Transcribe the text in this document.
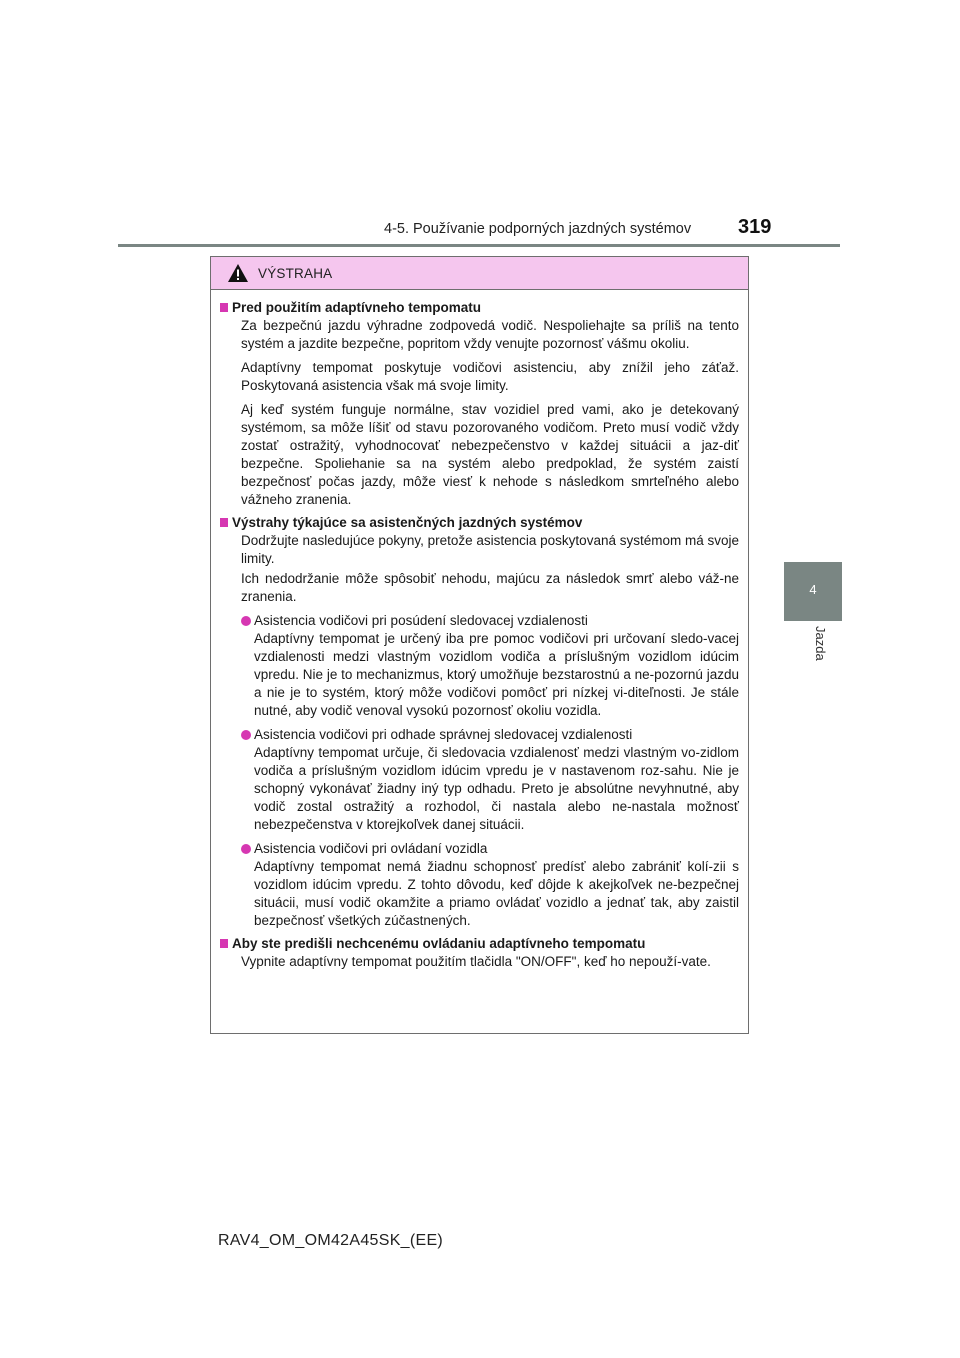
4-5. Používanie podporných jazdných systémov 319
4
Jazda
VÝSTRAHA
Pred použitím adaptívneho tempomatu

Za bezpečnú jazdu výhradne zodpovedá vodič. Nespoliehajte sa príliš na tento systém a jazdite bezpečne, popritom vždy venujte pozornosť vášmu okoliu.

Adaptívny tempomat poskytuje vodičovi asistenciu, aby znížil jeho záťaž. Poskytovaná asistencia však má svoje limity.

Aj keď systém funguje normálne, stav vozidiel pred vami, ako je detekovaný systémom, sa môže líšiť od stavu pozorovaného vodičom. Preto musí vodič vždy zostať ostražitý, vyhodnocovať nebezpečenstvo v každej situácii a jaz-diť bezpečne. Spoliehanie sa na systém alebo predpoklad, že systém zaistí bezpečnosť počas jazdy, môže viesť k nehode s následkom smrteľného alebo vážneho zranenia.

Výstrahy týkajúce sa asistenčných jazdných systémov

Dodržujte nasledujúce pokyny, pretože asistencia poskytovaná systémom má svoje limity.

Ich nedodržanie môže spôsobiť nehodu, majúcu za následok smrť alebo váž-ne zranenia.

Asistencia vodičovi pri posúdení sledovacej vzdialenosti
Adaptívny tempomat je určený iba pre pomoc vodičovi pri určovaní sledo-vacej vzdialenosti medzi vlastným vozidlom vodiča a príslušným vozidlom idúcim vpredu. Nie je to mechanizmus, ktorý umožňuje bezstarostnú a ne-pozornú jazdu a nie je to systém, ktorý môže vodičovi pomôcť pri nízkej vi-diteľnosti. Je stále nutné, aby vodič venoval vysokú pozornosť okoliu vozidla.
Asistencia vodičovi pri odhade správnej sledovacej vzdialenosti
Adaptívny tempomat určuje, či sledovacia vzdialenosť medzi vlastným vo-zidlom vodiča a príslušným vozidlom idúcim vpredu je v nastavenom roz-sahu. Nie je schopný vykonávať žiadny iný typ odhadu. Preto je absolútne nevyhnutné, aby vodič zostal ostražitý a rozhodol, či nastala alebo ne-nastala možnosť nebezpečenstva v ktorejkoľvek danej situácii.
Asistencia vodičovi pri ovládaní vozidla
Adaptívny tempomat nemá žiadnu schopnosť predísť alebo zabrániť kolí-zii s vozidlom idúcim vpredu. Z tohto dôvodu, keď dôjde k akejkoľvek ne-bezpečnej situácii, musí vodič okamžite a priamo ovládať vozidlo a jednať tak, aby zaistil bezpečnosť všetkých zúčastnených.
Aby ste predišli nechcenému ovládaniu adaptívneho tempomatu

Vypnite adaptívny tempomat použitím tlačidla "ON/OFF", keď ho nepouží-vate.

RAV4_OM_OM42A45SK_(EE)
